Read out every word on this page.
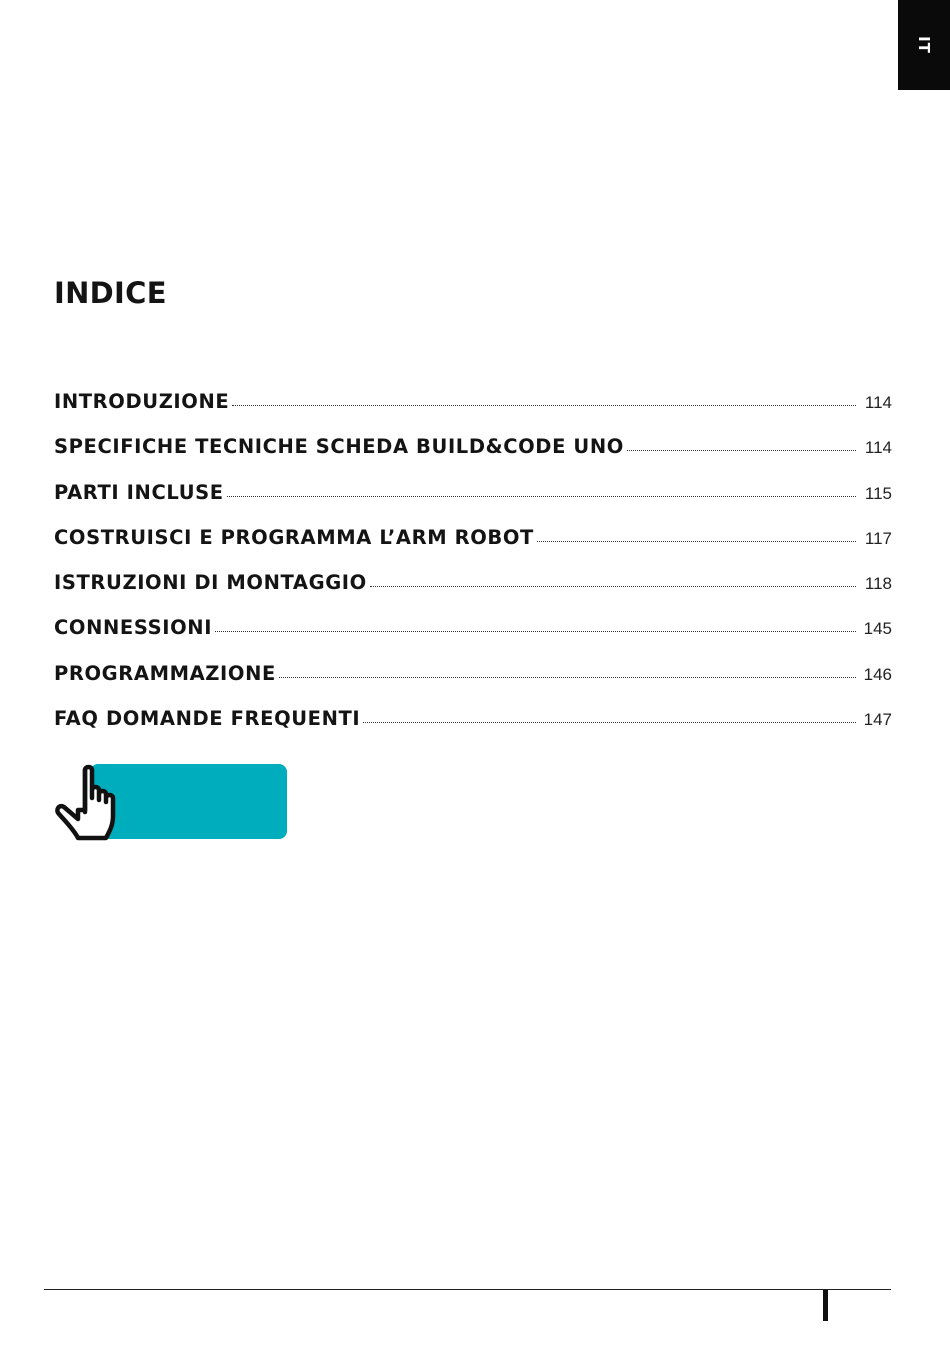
IT
INDICE
INTRODUZIONE	114
SPECIFICHE TECNICHE SCHEDA BUILD&CODE UNO	114
PARTI INCLUSE	115
COSTRUISCI E PROGRAMMA L’ARM ROBOT	117
ISTRUZIONI DI MONTAGGIO	118
CONNESSIONI	145
PROGRAMMAZIONE	146
FAQ DOMANDE FREQUENTI	147
